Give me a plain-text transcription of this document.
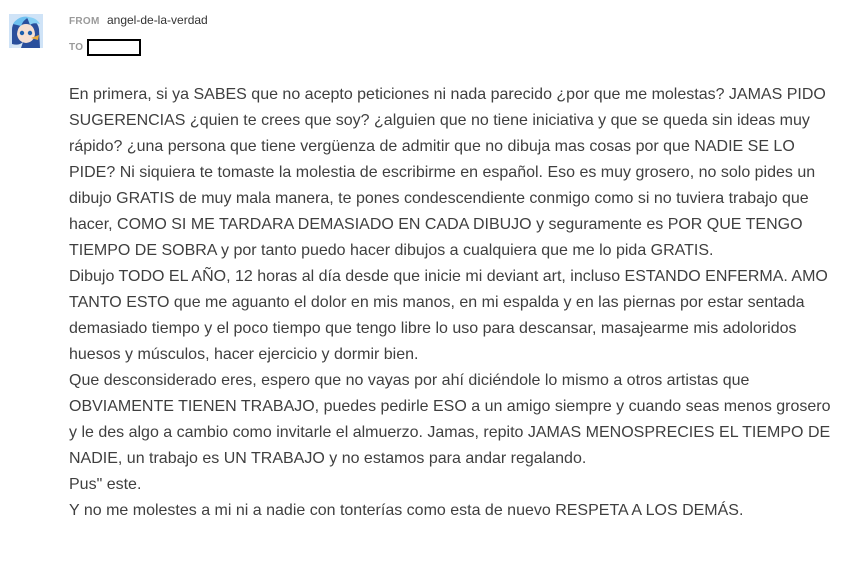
FROM angel-de-la-verdad
TO

En primera, si ya SABES que no acepto peticiones ni nada parecido ¿por que me molestas? JAMAS PIDO SUGERENCIAS ¿quien te crees que soy? ¿alguien que no tiene iniciativa y que se queda sin ideas muy rápido? ¿una persona que tiene vergüenza de admitir que no dibuja mas cosas por que NADIE SE LO PIDE? Ni siquiera te tomaste la molestia de escribirme en español. Eso es muy grosero, no solo pides un dibujo GRATIS de muy mala manera, te pones condescendiente conmigo como si no tuviera trabajo que hacer, COMO SI ME TARDARA DEMASIADO EN CADA DIBUJO y seguramente es POR QUE TENGO TIEMPO DE SOBRA y por tanto puedo hacer dibujos a cualquiera que me lo pida GRATIS.

Dibujo TODO EL AÑO, 12 horas al día desde que inicie mi deviant art, incluso ESTANDO ENFERMA. AMO TANTO ESTO que me aguanto el dolor en mis manos, en mi espalda y en las piernas por estar sentada demasiado tiempo y el poco tiempo que tengo libre lo uso para descansar, masajearme mis adoloridos huesos y músculos, hacer ejercicio y dormir bien.

Que desconsiderado eres, espero que no vayas por ahí diciéndole lo mismo a otros artistas que OBVIAMENTE TIENEN TRABAJO, puedes pedirle ESO a un amigo siempre y cuando seas menos grosero y le des algo a cambio como invitarle el almuerzo. Jamas, repito JAMAS MENOSPRECIES EL TIEMPO DE NADIE, un trabajo es UN TRABAJO y no estamos para andar regalando.

Pus" este.

Y no me molestes a mi ni a nadie con tonterías como esta de nuevo RESPETA A LOS DEMÁS.
